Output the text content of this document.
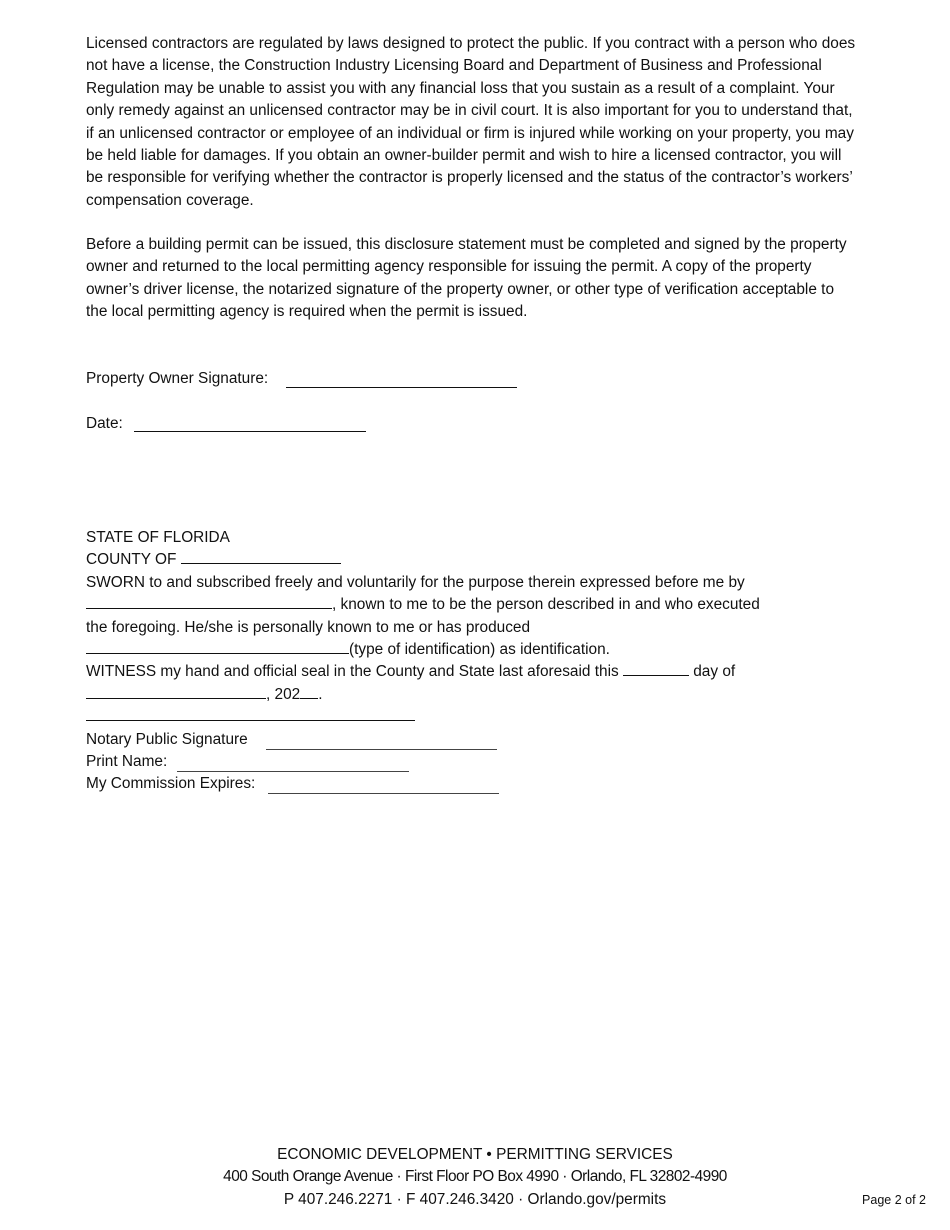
Licensed contractors are regulated by laws designed to protect the public. If you contract with a person who does not have a license, the Construction Industry Licensing Board and Department of Business and Professional Regulation may be unable to assist you with any financial loss that you sustain as a result of a complaint. Your only remedy against an unlicensed contractor may be in civil court. It is also important for you to understand that, if an unlicensed contractor or employee of an individual or firm is injured while working on your property, you may be held liable for damages. If you obtain an owner-builder permit and wish to hire a licensed contractor, you will be responsible for verifying whether the contractor is properly licensed and the status of the contractor’s workers’ compensation coverage.

Before a building permit can be issued, this disclosure statement must be completed and signed by the property owner and returned to the local permitting agency responsible for issuing the permit. A copy of the property owner’s driver license, the notarized signature of the property owner, or other type of verification acceptable to the local permitting agency is required when the permit is issued.

Property Owner Signature:
Date:
STATE OF FLORIDA
COUNTY OF
SWORN to and subscribed freely and voluntarily for the purpose therein expressed before me by
, known to me to be the person described in and who executed
the foregoing. He/she is personally known to me or has produced
(type of identification) as identification.
WITNESS my hand and official seal in the County and State last aforesaid this	day of
, 202 .
Notary Public Signature
Print Name:
My Commission Expires:
ECONOMIC DEVELOPMENT • PERMITTING SERVICES
400 South Orange Avenue · First Floor PO Box 4990 · Orlando, FL 32802-4990
P 407.246.2271 · F 407.246.3420 · Orlando.gov/permits	Page 2 of 2
